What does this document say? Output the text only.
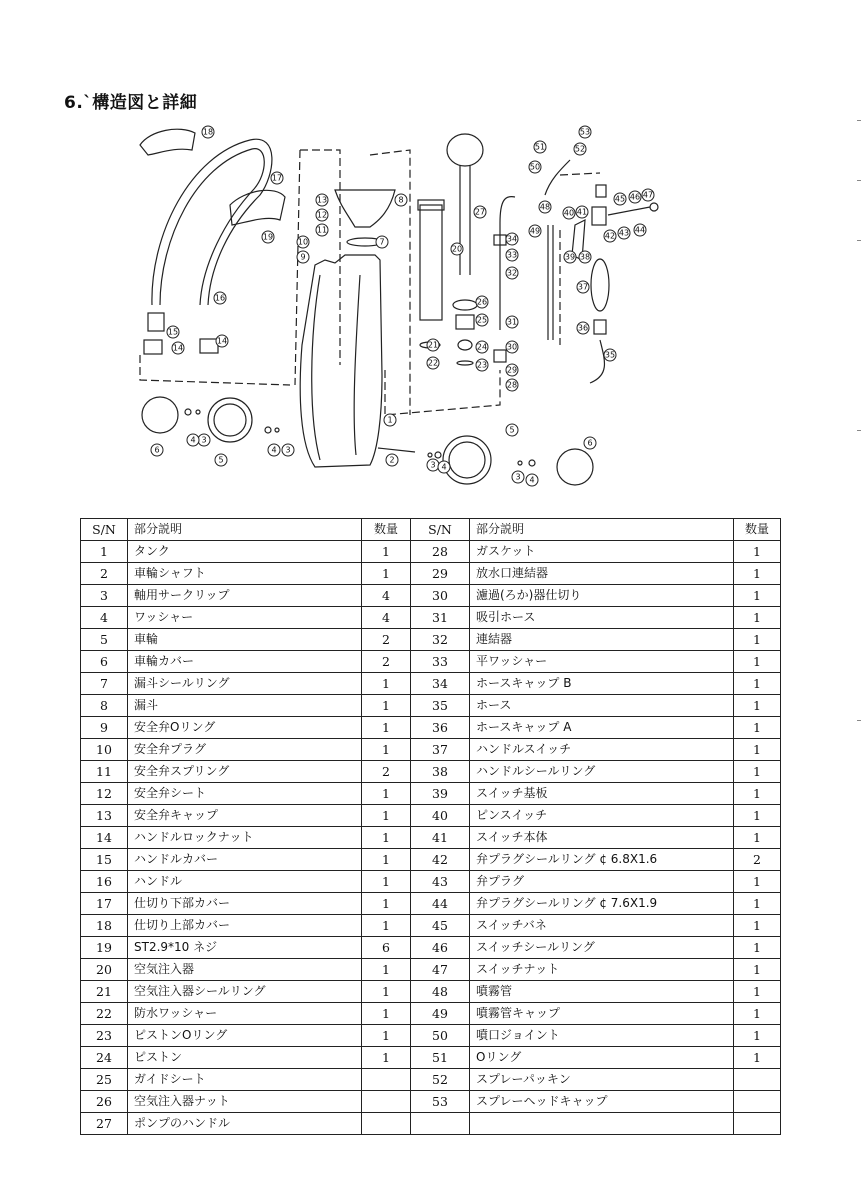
6.`構造図と詳細
18
17
19
16
15
14
14
13
12
11
10
9
8
7
1
2
3
4
3
4
5
6
3 4
5
3 4
6
20
21
22	23
24
25
26
27
28
29
30
31
32
33
34
35
36
37
38
39
40 41
42 43 44
45 46 47
48
49
50
51	52
53
S/N	部分説明	数量	S/N	部分説明	数量
1	タンク	1	28	ガスケット	1
2	車輪シャフト	1	29	放水口連結器	1
3	軸用サークリップ	4	30	濾過(ろか)器仕切り	1
4	ワッシャー	4	31	吸引ホース	1
5	車輪	2	32	連結器	1
6	車輪カバー	2	33	平ワッシャー	1
7	漏斗シールリング	1	34	ホースキャップ B	1
8	漏斗	1	35	ホース	1
9	安全弁Oリング	1	36	ホースキャップ A	1
10	安全弁プラグ	1	37	ハンドルスイッチ	1
11	安全弁スプリング	2	38	ハンドルシールリング	1
12	安全弁シート	1	39	スイッチ基板	1
13	安全弁キャップ	1	40	ピンスイッチ	1
14	ハンドルロックナット	1	41	スイッチ本体	1
15	ハンドルカバー	1	42	弁プラグシールリング ¢ 6.8X1.6	2
16	ハンドル	1	43	弁プラグ	1
17	仕切り下部カバー	1	44	弁プラグシールリング ¢ 7.6X1.9	1
18	仕切り上部カバー	1	45	スイッチバネ	1
19	ST2.9*10 ネジ	6	46	スイッチシールリング	1
20	空気注入器	1	47	スイッチナット	1
21	空気注入器シールリング	1	48	噴霧管	1
22	防水ワッシャー	1	49	噴霧管キャップ	1
23	ピストンOリング	1	50	噴口ジョイント	1
24	ピストン	1	51	Oリング	1
25	ガイドシート		52	スプレーパッキン	
26	空気注入器ナット		53	スプレーヘッドキャップ	
27	ポンプのハンドル				
